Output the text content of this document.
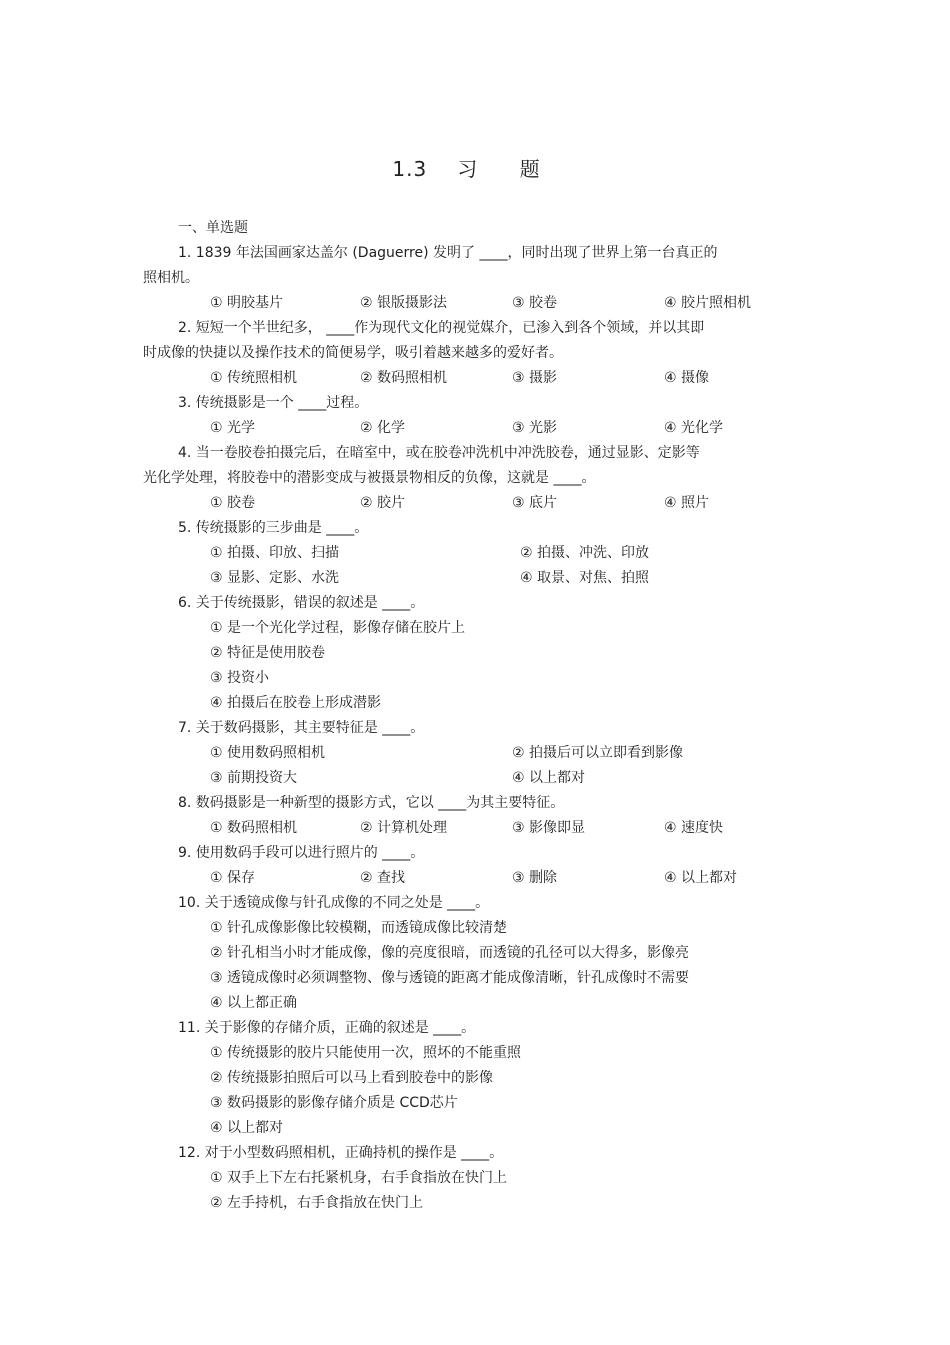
1.3 习 题
一、单选题
1. 1839 年法国画家达盖尔 (Daguerre) 发明了 ____，同时出现了世界上第一台真正的
照相机。
① 明胶基片	② 银版摄影法	③ 胶卷	④ 胶片照相机
2. 短短一个半世纪多， ____作为现代文化的视觉媒介，已渗入到各个领域，并以其即
时成像的快捷以及操作技术的简便易学，吸引着越来越多的爱好者。
① 传统照相机	② 数码照相机	③ 摄影	④ 摄像
3. 传统摄影是一个 ____过程。
① 光学	② 化学	③ 光影	④ 光化学
4. 当一卷胶卷拍摄完后，在暗室中，或在胶卷冲洗机中冲洗胶卷，通过显影、定影等
光化学处理，将胶卷中的潜影变成与被摄景物相反的负像，这就是 ____。
① 胶卷	② 胶片	③ 底片	④ 照片
5. 传统摄影的三步曲是 ____。
① 拍摄、印放、扫描	② 拍摄、冲洗、印放
③ 显影、定影、水洗	④ 取景、对焦、拍照
6. 关于传统摄影，错误的叙述是 ____。
① 是一个光化学过程，影像存储在胶片上
② 特征是使用胶卷
③ 投资小
④ 拍摄后在胶卷上形成潜影
7. 关于数码摄影，其主要特征是 ____。
① 使用数码照相机	② 拍摄后可以立即看到影像
③ 前期投资大	④ 以上都对
8. 数码摄影是一种新型的摄影方式，它以 ____为其主要特征。
① 数码照相机	② 计算机处理	③ 影像即显	④ 速度快
9. 使用数码手段可以进行照片的 ____。
① 保存	② 查找	③ 删除	④ 以上都对
10. 关于透镜成像与针孔成像的不同之处是 ____。
① 针孔成像影像比较模糊，而透镜成像比较清楚
② 针孔相当小时才能成像，像的亮度很暗，而透镜的孔径可以大得多，影像亮
③ 透镜成像时必须调整物、像与透镜的距离才能成像清晰，针孔成像时不需要
④ 以上都正确
11. 关于影像的存储介质，正确的叙述是 ____。
① 传统摄影的胶片只能使用一次，照坏的不能重照
② 传统摄影拍照后可以马上看到胶卷中的影像
③ 数码摄影的影像存储介质是 CCD芯片
④ 以上都对
12. 对于小型数码照相机，正确持机的操作是 ____。
① 双手上下左右托紧机身，右手食指放在快门上
② 左手持机，右手食指放在快门上
